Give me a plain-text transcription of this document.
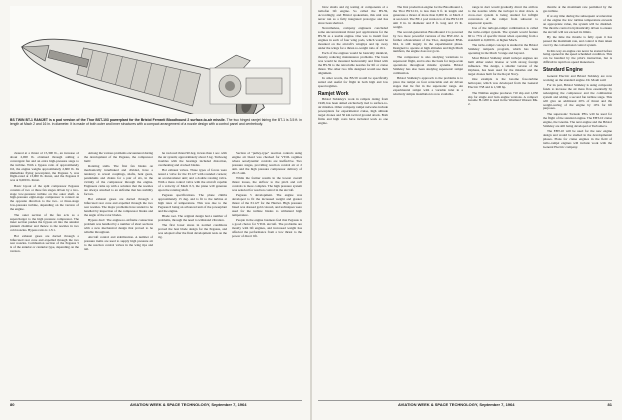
BS TWIN BT-1 RAMJET is a pod version of the Thor BST-103 powerplant for the Bristol Ferranti Bloodhound 2 surface-to-air missile. The two hinged ramjet fairing the BT-1 is 3.5 ft. in length at Mach 2 and 16 in. in diameter. It is made of both outer and inner structures with a compact arrangement of a nozzle design with a control panel and centrebody.

cleared at a thrust of 15,300 lb., an increase of about 2,000 lb. obtained through adding a convergent fan and an extra high-pressure stage to the turbine. With a bypass ratio of approximately 0.6, the engine weighs approximately 2,600 lb. Its immediate flying powerplant, the Pegasus 5, was flight-rated at 13,000 lb. thrust, and the Pegasus 6 was at 9,000 lb. thrust.

Basic layout of the split compressor Pegasus consists of two or three fan stages driven by a two-stage low-pressure turbine on the outer shaft. A high-pressure eight-stage compressor is rotated on the opposite direction to the two- or three-stage low-pressure turbine, depending on the version of the engine.

The outer section of the fan acts as a supercharger to the high pressure compressor. The inner section pushes the bypass air into the annular plenum chamber and thence to the nozzles in two cold nozzles. Bypass ratio is 1.3:1.

Hot exhaust gases are ducted through a bifurcated rear cone and expelled through the two rear nozzles. Combustion section of the Pegasus 5 is of the annular or cannular type, depending on the version.

Among the various problems encountered during the development of the Pegasus, the compressor built:

Rotating stalls. The first fan blades on mechanically interlinked and divided, have a tendency to reveal couplings, shafts, bent gears, pendulums and chains for a pair of six, in the vicinity of the compressor through the engine. Engineers came up with a solution that the nozzles are always attached to an airframe that has stability factors.

Hot exhaust gases are ducted through a bifurcated rear cone and expelled through the two rear nozzles. The major problems have tended to be handled by inspection of the compressor blades and the angle of the rotor blades.

Bypass duct: The engine-to-airframe connection problem was handled by a number of short sections with a new mechanical design that proved to be reliable throughout.

Aircraft control and stabilization. A number of pressure items are used to supply high pressure air to the reaction control valves in the wing tips and tail.

he vectored thrust 90 deg. in less than 1 sec. with the air system; approximately about 3 kg. Turboeng troubles with the bearings included distortion, overheating and cracked blades.

Hot exhaust valves. Three types of forces were tested a valve for the P.1127 with rounded corners; an accelerometer unit; and a double rotating valve. With a mass control valve with the aircraft capable of a velocity of Mach 0.3, the plane will generate upon the rotating shaft.

Pegasus specifications. The plane climbs approximately 15 deg. and is fit to the turbine at high rates of temperature. This was due to the Pegasus 6 being an advanced unit of the powerplant and the engine.

Blade root. The original design had a number of problems, through the need to withstand vibration.

The first lower stress in normal conditions proved the best blade design for the Pegasus, and was adopted after the final development tests on the rig.

Section of "pulley-type" reaction controls using engine air bleed was checked for VTOL regimes where aerodynamic controls are ineffective. Two pressure stages, providing reaction control air at 2 atm. and the high pressure compressor delivery of 20.15 atm.

While the former results in the lowest overall thrust losses, the airflow to the pitch and roll controls is more complex. The high pressure system was selected for reaction control in the aircraft.

Pegasus 5 development. The engine was developed to fit the increased weight and greater thrust of the P.1127 for the Harrier. High pressure bleed was dressed gold colored, and techniques were used for the turbine blades to withstand high temperature.

People in the engine business feel that Pegasus is a good choice for VTOL aircraft. The problems are mostly with lift engines, and increased weight has affected the performance from a low thrust to the power of direct lift.

blow shafts and rig testing of components of a turbofan lift engine. So called the BS.59, Accordingly, and Bristol spokesman, this unit was never run as a fully integrated prototype and has since been shelved.

Nevertheless, company engineers concluded some unconventional thrust port applications for the BS.59 as a usable engine. One was to install four engines in each of four wing pods, which would be mounted on the aircraft's wingtips and tip away under the wings for a thrust-to-weight ratio of 16:1.

Each of the engines would be basically identical, thereby reducing maintenance problems. The basis was would be mounted horizontally and fitted with the BS.59 to the retractable nozzles for lift or cruise thrust. The other two lifts designed would use their alignment.

In other words, the BS.59 would be specifically suited and useful for flight in both high and low speed regimes.

Ramjet Work

Bristol Siddeley's work in ramjets dating from 1948, has been aimed exclusively tied to surface-to-air missiles. Other company ramjet networks include powerplants for experimental cruise, high altitude target drones and 50 km tactical ground attack. Both firms and high costs have included work as one engine.

The first production engine for the Bloodhound 1, the Thor BST-101, is less than 9 ft. in length and generates a thrust of more than 6,000 lb. at Mach 2 at sea level. The BT-1 pod version is of the BST-103 unit 9 in. in diameter and 8 ft. long and 15 lb. weight.

The second-generation Bloodhound 2 is powered by two more powerful versions of the BST-102. A further advancement of the Thor, designated BSR-624, is still largely in the experimental phase. Designed to operate at high altitudes and high Mach numbers, the engine does not go in.

The compressor is also studying variations to supersonic flight, and is also the basis for large-scale operations throughout missile systems. Bristol Siddeley has also been studying supersonic ramjet combustion.

Bristol Siddeley's approach to the problems is to place the ramjet on four retractable and air driven stages that lie flat in the supersonic range. An experimental ramjet with a variable inlet in a relatively simple installation is now available.

range in duct would gradually divert the airflow to the nozzles while the turbojet is shut down. A cross-over system is being studied for inflight conversion of the ramjet from subsonic to supersonic speeds.

Use of the turbojet-ramjet combination is called the turbo-ramjet system. The system would feature 60 to 75% of specific thrust when operating from a standstill to 6,000 lb. at higher Mach.

The turbo-ramjet concept is studied in the Bristol Siddeley rampack program, which has been operating in the Mach 3 range and beyond.

Most Bristol Siddeley small turbojet engines are built either under license or with strong foreign influence. The design, a smaller version of the Orpheus, has been used for the missiles and the target drones built for the Royal Navy.

One example is the Gnome free-turbine helicopter, which was developed from the General Electric T58 and is 1,500 hp.

The Nimbus engine produces 710 shp and 1,050 shp for single and twin engine versions. A compact Gnome H-1200 is used in the Westland Wessex Mk. 2.

throttle at the maximum rate permitted by the gas turbine.

If at any time during the subsequent acceleration of the engine the low turbine temperature exceeds an appropriate value, the system will be disabled. The throttle control is hydraulically driven to ensure the aircraft will not exceed its limits.

By the time the throttle is fully open it has passed the maximum rate, and control is then taken over by the conventional control system.

In this way an engine can never be started before being opened in the speed scheduled condition. This can be handled by the pilot's instruction, but is difficult in rapid low-speed maneuvers.

Standard Engine

General Electric and Bristol Siddeley are now working on the standard engine. Dr. Moult said:

For its part, Bristol Siddeley is using compound funds to increase the air mass flow essentially by redesigning the compressor and the combustion system and adding a second fan turbine stage. This will give an additional 20% of thrust and the weight-saving of the engine by 10% for lift purposes.

The supersonic Tornado PEG will be used for the flight of the standard engine. The EBT-10 cruise engine, the Gnome. The next engine and the Bristol Siddeley are still being developed at Turbomeca.

The EBT-10 will be used for the new engine design and would be studied in the developmental phases. Plans for cruise engines in the field of turbo-ramjet engines will include work with the General Electric company.

80	AVIATION WEEK & SPACE TECHNOLOGY, September 7, 1964	AVIATION WEEK & SPACE TECHNOLOGY, September 7, 1964	81
